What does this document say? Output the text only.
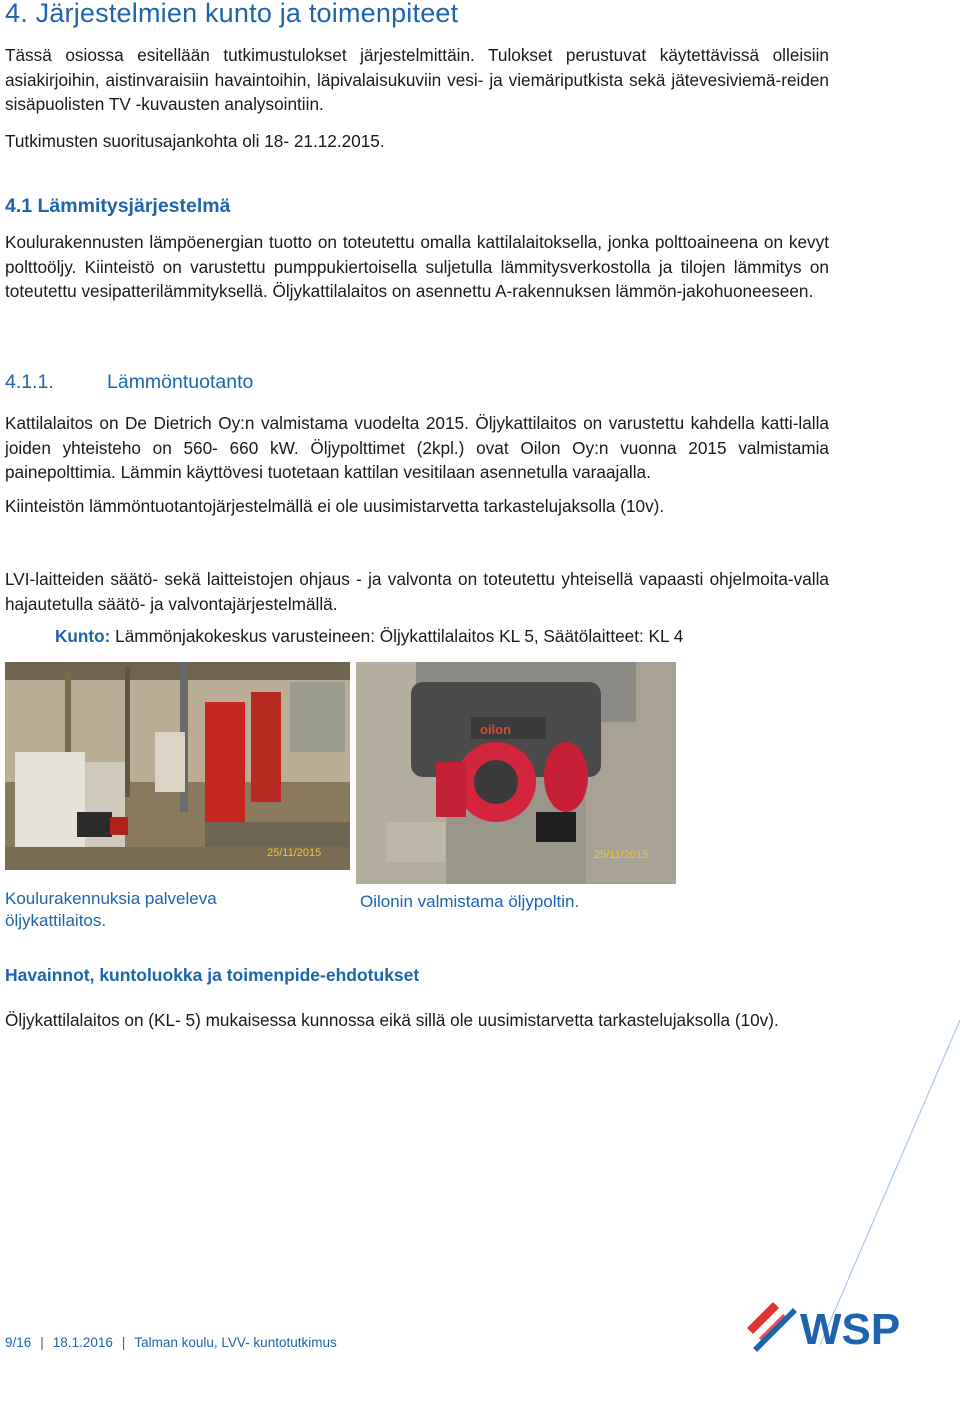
4. Järjestelmien kunto ja toimenpiteet
Tässä osiossa esitellään tutkimustulokset järjestelmittäin. Tulokset perustuvat käytettävissä olleisiin asiakirjoihin, aistinvaraisiin havaintoihin, läpivalaisukuviin vesi- ja viemäriputkista sekä jätevesiviemä-reiden sisäpuolisten TV -kuvausten analysointiin.
Tutkimusten suoritusajankohta oli 18- 21.12.2015.
4.1 Lämmitysjärjestelmä
Koulurakennusten lämpöenergian tuotto on toteutettu omalla kattilalaitoksella, jonka polttoaineena on kevyt polttoöljy. Kiinteistö on varustettu pumppukiertoisella suljetulla lämmitysverkostolla ja tilojen lämmitys on toteutettu vesipatterilämmityksellä. Öljykattilalaitos on asennettu A-rakennuksen lämmön-jakohuoneeseen.
4.1.1.	Lämmöntuotanto
Kattilalaitos on De Dietrich Oy:n valmistama vuodelta 2015. Öljykattilaitos on varustettu kahdella katti-lalla joiden yhteisteho on 560- 660 kW. Öljypolttimet (2kpl.) ovat Oilon Oy:n vuonna 2015 valmistamia painepolttimia. Lämmin käyttövesi tuotetaan kattilan vesitilaan asennetulla varaajalla.
Kiinteistön lämmöntuotantojärjestelmällä ei ole uusimistarvetta tarkastelujaksolla (10v).
LVI-laitteiden säätö- sekä laitteistojen ohjaus - ja valvonta on toteutettu yhteisellä vapaasti ohjelmoita-valla hajautetulla säätö- ja valvontajärjestelmällä.
Kunto: Lämmönjakokeskus varusteineen: Öljykattilalaitos KL 5, Säätölaitteet: KL 4
25/11/2015
oilon
25/11/2015
Koulurakennuksia palveleva öljykattilaitos.
Oilonin valmistama öljypoltin.
Havainnot, kuntoluokka ja toimenpide-ehdotukset
Öljykattilalaitos on (KL- 5) mukaisessa kunnossa eikä sillä ole uusimistarvetta tarkastelujaksolla (10v).
9/16 | 18.1.2016 | Talman koulu, LVV- kuntotutkimus	WSP
